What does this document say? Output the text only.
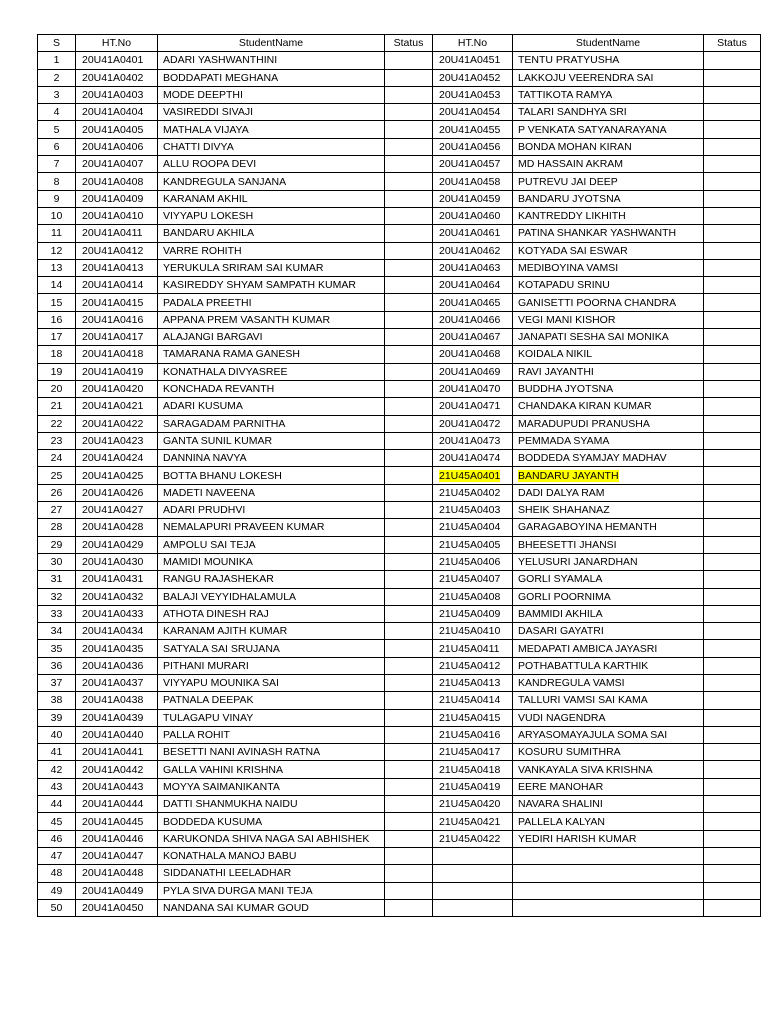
S	HT.No	StudentName	Status	HT.No	StudentName	Status
1	20U41A0401	ADARI YASHWANTHINI		20U41A0451	TENTU PRATYUSHA	
2	20U41A0402	BODDAPATI MEGHANA		20U41A0452	LAKKOJU VEERENDRA SAI	
3	20U41A0403	MODE DEEPTHI		20U41A0453	TATTIKOTA RAMYA	
4	20U41A0404	VASIREDDI SIVAJI		20U41A0454	TALARI SANDHYA SRI	
5	20U41A0405	MATHALA VIJAYA		20U41A0455	P VENKATA SATYANARAYANA	
6	20U41A0406	CHATTI DIVYA		20U41A0456	BONDA MOHAN KIRAN	
7	20U41A0407	ALLU ROOPA DEVI		20U41A0457	MD HASSAIN AKRAM	
8	20U41A0408	KANDREGULA SANJANA		20U41A0458	PUTREVU JAI DEEP	
9	20U41A0409	KARANAM AKHIL		20U41A0459	BANDARU JYOTSNA	
10	20U41A0410	VIYYAPU LOKESH		20U41A0460	KANTREDDY LIKHITH	
11	20U41A0411	BANDARU AKHILA		20U41A0461	PATINA SHANKAR YASHWANTH	
12	20U41A0412	VARRE ROHITH		20U41A0462	KOTYADA SAI ESWAR	
13	20U41A0413	YERUKULA SRIRAM SAI KUMAR		20U41A0463	MEDIBOYINA VAMSI	
14	20U41A0414	KASIREDDY SHYAM SAMPATH KUMAR		20U41A0464	KOTAPADU SRINU	
15	20U41A0415	PADALA PREETHI		20U41A0465	GANISETTI POORNA CHANDRA	
16	20U41A0416	APPANA PREM VASANTH KUMAR		20U41A0466	VEGI MANI KISHOR	
17	20U41A0417	ALAJANGI BARGAVI		20U41A0467	JANAPATI SESHA SAI MONIKA	
18	20U41A0418	TAMARANA RAMA GANESH		20U41A0468	KOIDALA NIKIL	
19	20U41A0419	KONATHALA DIVYASREE		20U41A0469	RAVI JAYANTHI	
20	20U41A0420	KONCHADA REVANTH		20U41A0470	BUDDHA JYOTSNA	
21	20U41A0421	ADARI KUSUMA		20U41A0471	CHANDAKA KIRAN KUMAR	
22	20U41A0422	SARAGADAM PARNITHA		20U41A0472	MARADUPUDI PRANUSHA	
23	20U41A0423	GANTA SUNIL KUMAR		20U41A0473	PEMMADA SYAMA	
24	20U41A0424	DANNINA NAVYA		20U41A0474	BODDEDA SYAMJAY MADHAV	
25	20U41A0425	BOTTA BHANU LOKESH		21U45A0401	BANDARU JAYANTH	
26	20U41A0426	MADETI NAVEENA		21U45A0402	DADI DALYA RAM	
27	20U41A0427	ADARI PRUDHVI		21U45A0403	SHEIK SHAHANAZ	
28	20U41A0428	NEMALAPURI PRAVEEN KUMAR		21U45A0404	GARAGABOYINA HEMANTH	
29	20U41A0429	AMPOLU SAI TEJA		21U45A0405	BHEESETTI JHANSI	
30	20U41A0430	MAMIDI MOUNIKA		21U45A0406	YELUSURI JANARDHAN	
31	20U41A0431	RANGU RAJASHEKAR		21U45A0407	GORLI SYAMALA	
32	20U41A0432	BALAJI VEYYIDHALAMULA		21U45A0408	GORLI POORNIMA	
33	20U41A0433	ATHOTA DINESH RAJ		21U45A0409	BAMMIDI AKHILA	
34	20U41A0434	KARANAM AJITH KUMAR		21U45A0410	DASARI GAYATRI	
35	20U41A0435	SATYALA SAI SRUJANA		21U45A0411	MEDAPATI AMBICA JAYASRI	
36	20U41A0436	PITHANI MURARI		21U45A0412	POTHABATTULA KARTHIK	
37	20U41A0437	VIYYAPU MOUNIKA SAI		21U45A0413	KANDREGULA VAMSI	
38	20U41A0438	PATNALA DEEPAK		21U45A0414	TALLURI VAMSI SAI KAMA	
39	20U41A0439	TULAGAPU VINAY		21U45A0415	VUDI NAGENDRA	
40	20U41A0440	PALLA ROHIT		21U45A0416	ARYASOMAYAJULA SOMA SAI	
41	20U41A0441	BESETTI NANI AVINASH RATNA		21U45A0417	KOSURU SUMITHRA	
42	20U41A0442	GALLA VAHINI KRISHNA		21U45A0418	VANKAYALA SIVA KRISHNA	
43	20U41A0443	MOYYA SAIMANIKANTA		21U45A0419	EERE MANOHAR	
44	20U41A0444	DATTI SHANMUKHA NAIDU		21U45A0420	NAVARA SHALINI	
45	20U41A0445	BODDEDA KUSUMA		21U45A0421	PALLELA KALYAN	
46	20U41A0446	KARUKONDA SHIVA NAGA SAI ABHISHEK		21U45A0422	YEDIRI HARISH KUMAR	
47	20U41A0447	KONATHALA MANOJ BABU				
48	20U41A0448	SIDDANATHI LEELADHAR				
49	20U41A0449	PYLA SIVA DURGA MANI TEJA				
50	20U41A0450	NANDANA SAI KUMAR GOUD				
